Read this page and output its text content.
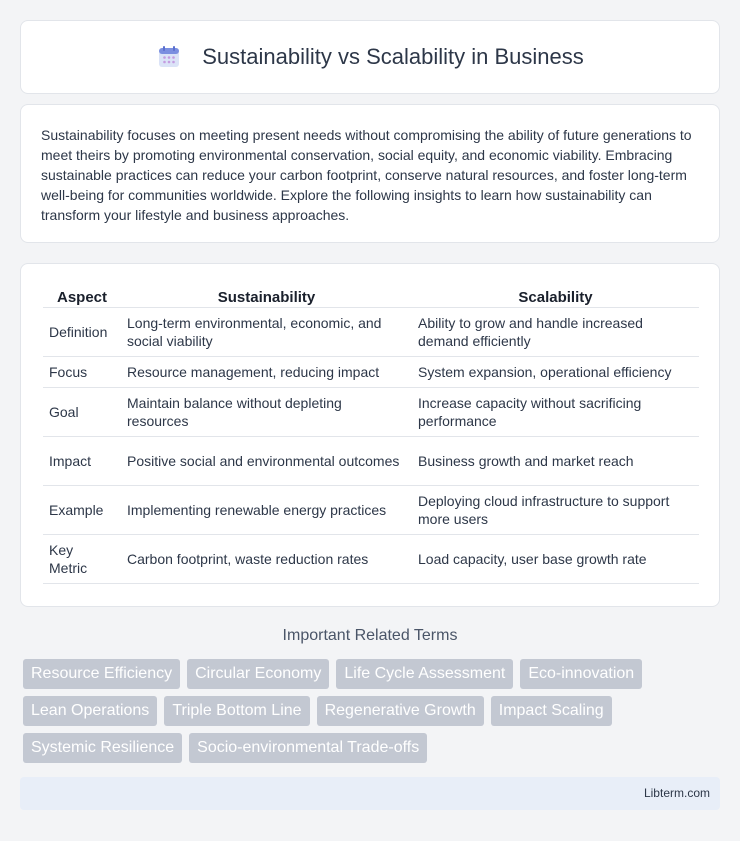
Sustainability vs Scalability in Business

Sustainability focuses on meeting present needs without compromising the ability of future generations to meet theirs by promoting environmental conservation, social equity, and economic viability. Embracing sustainable practices can reduce your carbon footprint, conserve natural resources, and foster long-term well-being for communities worldwide. Explore the following insights to learn how sustainability can transform your lifestyle and business approaches.

Aspect	Sustainability	Scalability
Definition	Long-term environmental, economic, and social viability	Ability to grow and handle increased demand efficiently
Focus	Resource management, reducing impact	System expansion, operational efficiency
Goal	Maintain balance without depleting resources	Increase capacity without sacrificing performance
Impact	Positive social and environmental outcomes	Business growth and market reach
Example	Implementing renewable energy practices	Deploying cloud infrastructure to support more users
Key Metric	Carbon footprint, waste reduction rates	Load capacity, user base growth rate
Important Related Terms
Resource Efficiency	Circular Economy	Life Cycle Assessment	Eco-innovation
Lean Operations	Triple Bottom Line	Regenerative Growth	Impact Scaling
Systemic Resilience	Socio-environmental Trade-offs
Libterm.com
